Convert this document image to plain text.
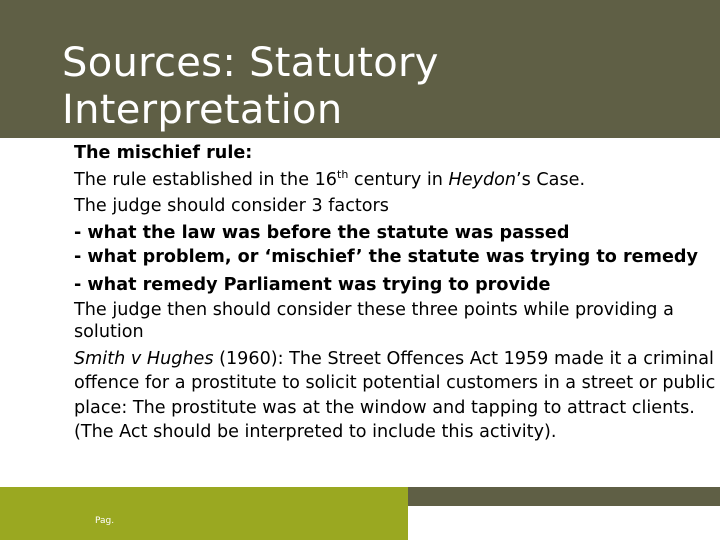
Sources: Statutory Interpretation
The mischief rule:
The rule established in the 16th century in Heydon’s Case.
The judge should consider 3 factors
- what the law was before the statute was passed
- what problem, or ‘mischief’ the statute was trying to remedy
- what remedy Parliament was trying to provide
The judge then should consider these three points while providing a solution
Smith v Hughes (1960): The Street Offences Act 1959 made it a criminal offence for a prostitute to solicit potential customers in a street or public place: The prostitute was at the window and tapping to attract clients. (The Act should be interpreted to include this activity).
Pag.
